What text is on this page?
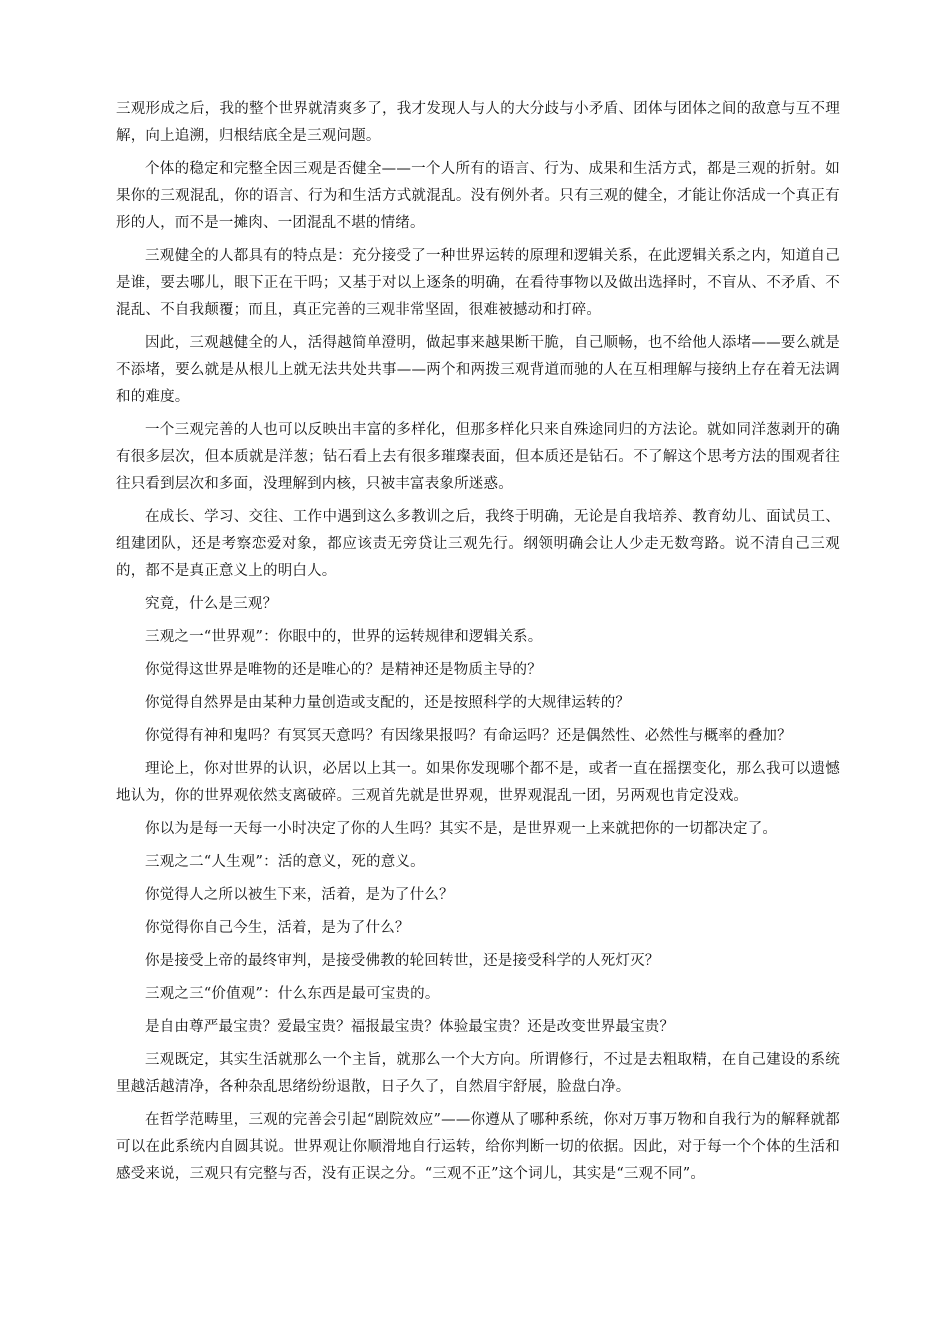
三观形成之后，我的整个世界就清爽多了，我才发现人与人的大分歧与小矛盾、团体与团体之间的敌意与互不理解，向上追溯，归根结底全是三观问题。

个体的稳定和完整全因三观是否健全——一个人所有的语言、行为、成果和生活方式，都是三观的折射。如果你的三观混乱，你的语言、行为和生活方式就混乱。没有例外者。只有三观的健全，才能让你活成一个真正有形的人，而不是一摊肉、一团混乱不堪的情绪。

三观健全的人都具有的特点是：充分接受了一种世界运转的原理和逻辑关系，在此逻辑关系之内，知道自己是谁，要去哪儿，眼下正在干吗；又基于对以上逐条的明确，在看待事物以及做出选择时，不盲从、不矛盾、不混乱、不自我颠覆；而且，真正完善的三观非常坚固，很难被撼动和打碎。

因此，三观越健全的人，活得越简单澄明，做起事来越果断干脆，自己顺畅，也不给他人添堵——要么就是不添堵，要么就是从根儿上就无法共处共事——两个和两拨三观背道而驰的人在互相理解与接纳上存在着无法调和的难度。

一个三观完善的人也可以反映出丰富的多样化，但那多样化只来自殊途同归的方法论。就如同洋葱剥开的确有很多层次，但本质就是洋葱；钻石看上去有很多璀璨表面，但本质还是钻石。不了解这个思考方法的围观者往往只看到层次和多面，没理解到内核，只被丰富表象所迷惑。

在成长、学习、交往、工作中遇到这么多教训之后，我终于明确，无论是自我培养、教育幼儿、面试员工、组建团队，还是考察恋爱对象，都应该责无旁贷让三观先行。纲领明确会让人少走无数弯路。说不清自己三观的，都不是真正意义上的明白人。

究竟，什么是三观？

三观之一“世界观”：你眼中的，世界的运转规律和逻辑关系。

你觉得这世界是唯物的还是唯心的？是精神还是物质主导的？

你觉得自然界是由某种力量创造或支配的，还是按照科学的大规律运转的？

你觉得有神和鬼吗？有冥冥天意吗？有因缘果报吗？有命运吗？还是偶然性、必然性与概率的叠加？

理论上，你对世界的认识，必居以上其一。如果你发现哪个都不是，或者一直在摇摆变化，那么我可以遗憾地认为，你的世界观依然支离破碎。三观首先就是世界观，世界观混乱一团，另两观也肯定没戏。

你以为是每一天每一小时决定了你的人生吗？其实不是，是世界观一上来就把你的一切都决定了。

三观之二“人生观”：活的意义，死的意义。

你觉得人之所以被生下来，活着，是为了什么？

你觉得你自己今生，活着，是为了什么？

你是接受上帝的最终审判，是接受佛教的轮回转世，还是接受科学的人死灯灭？

三观之三“价值观”：什么东西是最可宝贵的。

是自由尊严最宝贵？爱最宝贵？福报最宝贵？体验最宝贵？还是改变世界最宝贵？

三观既定，其实生活就那么一个主旨，就那么一个大方向。所谓修行，不过是去粗取精，在自己建设的系统里越活越清净，各种杂乱思绪纷纷退散，日子久了，自然眉宇舒展，脸盘白净。

在哲学范畴里，三观的完善会引起“剧院效应”——你遵从了哪种系统，你对万事万物和自我行为的解释就都可以在此系统内自圆其说。世界观让你顺滑地自行运转，给你判断一切的依据。因此，对于每一个个体的生活和感受来说，三观只有完整与否，没有正误之分。“三观不正”这个词儿，其实是“三观不同”。
